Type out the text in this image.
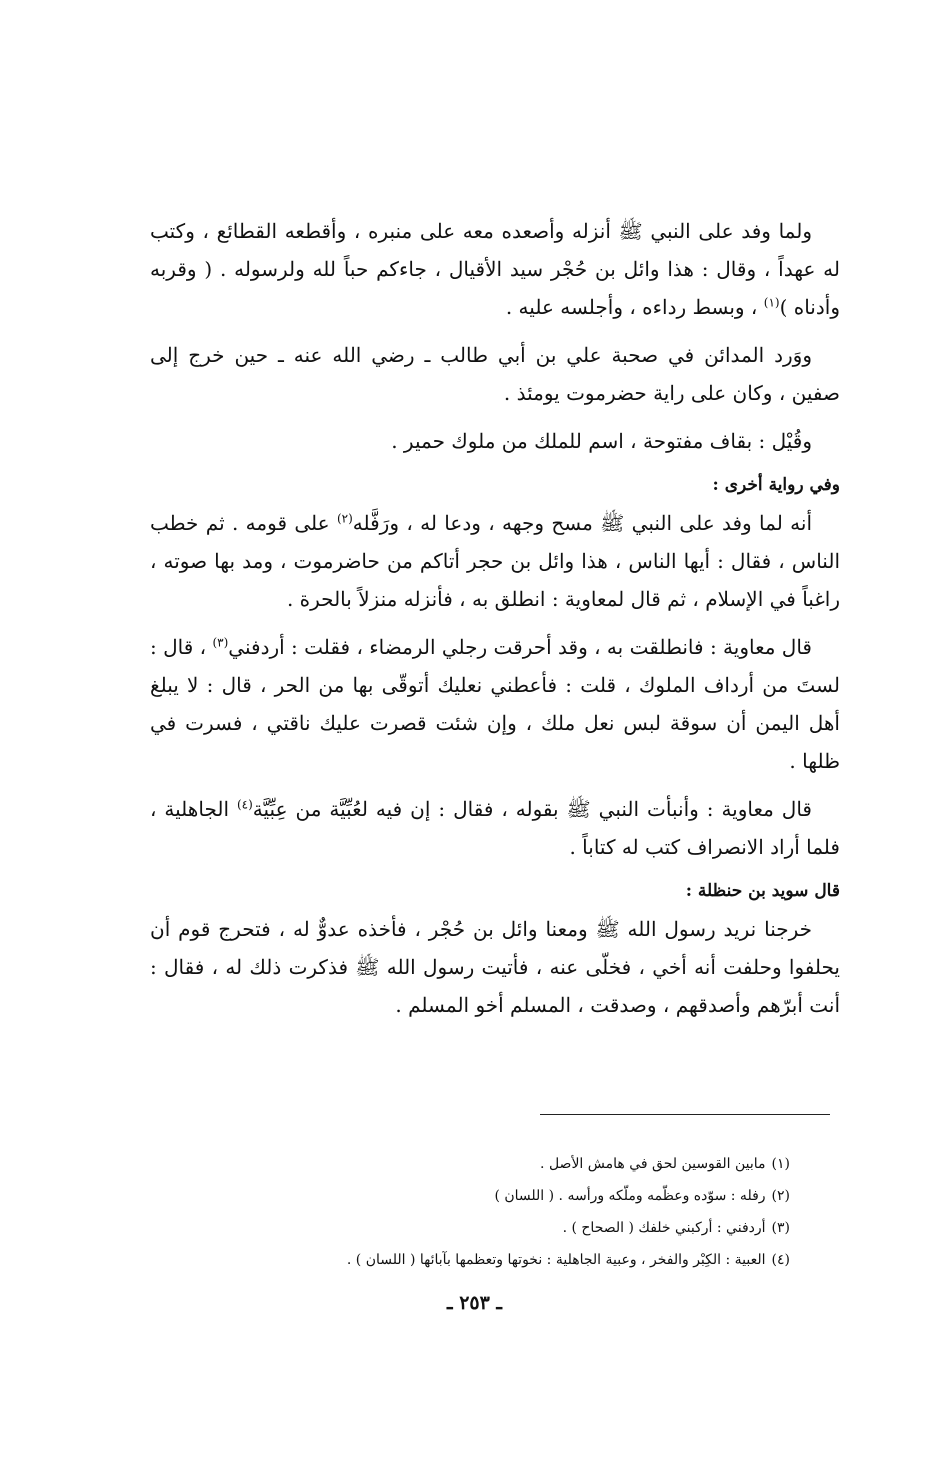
ولما وفد على النبي ﷺ أنزله وأصعده معه على منبره ، وأقطعه القطائع ، وكتب له عهداً ، وقال : هذا وائل بن حُجْر سيد الأقيال ، جاءكم حباً لله ولرسوله . ( وقربه وأدناه )$^{(١)}$ ، وبسط رداءه ، وأجلسه عليه .

ووَرد المدائن في صحبة علي بن أبي طالب ـ رضي الله عنه ـ حين خرج إلى صفين ، وكان على راية حضرموت يومئذ .

وقُيْل : بقاف مفتوحة ، اسم للملك من ملوك حمير .

وفي رواية أخرى :

أنه لما وفد على النبي ﷺ مسح وجهه ، ودعا له ، ورَفَّله$^{(٢)}$ على قومه . ثم خطب الناس ، فقال : أيها الناس ، هذا وائل بن حجر أتاكم من حاضرموت ، ومد بها صوته ، راغباً في الإسلام ، ثم قال لمعاوية : انطلق به ، فأنزله منزلاً بالحرة .

قال معاوية : فانطلقت به ، وقد أحرقت رجلي الرمضاء ، فقلت : أردفني$^{(٣)}$ ، قال : لستَ من أرداف الملوك ، قلت : فأعطني نعليك أتوقّى بها من الحر ، قال : لا يبلغ أهل اليمن أن سوقة لبس نعل ملك ، وإن شئت قصرت عليك ناقتي ، فسرت في ظلها .

قال معاوية : وأنبأت النبي ﷺ بقوله ، فقال : إن فيه لعُبِّيَّة من عِبِّيَّة$^{(٤)}$ الجاهلية ، فلما أراد الانصراف كتب له كتاباً .

قال سويد بن حنظلة :

خرجنا نريد رسول الله ﷺ ومعنا وائل بن حُجْر ، فأخذه عدوٌّ له ، فتحرج قوم أن يحلفوا وحلفت أنه أخي ، فخلّى عنه ، فأتيت رسول الله ﷺ فذكرت ذلك له ، فقال : أنت أبرّهم وأصدقهم ، وصدقت ، المسلم أخو المسلم .

(١)مابين القوسين لحق في هامش الأصل .

(٢)رفله : سوّده وعظّمه وملّكه ورأسه . ( اللسان )

(٣)أردفني : أركبني خلفك ( الصحاح ) .

(٤)العبية : الكِبْر والفخر ، وعبية الجاهلية : نخوتها وتعظمها بآبائها ( اللسان ) .

ـ ٢٥٣ ـ
